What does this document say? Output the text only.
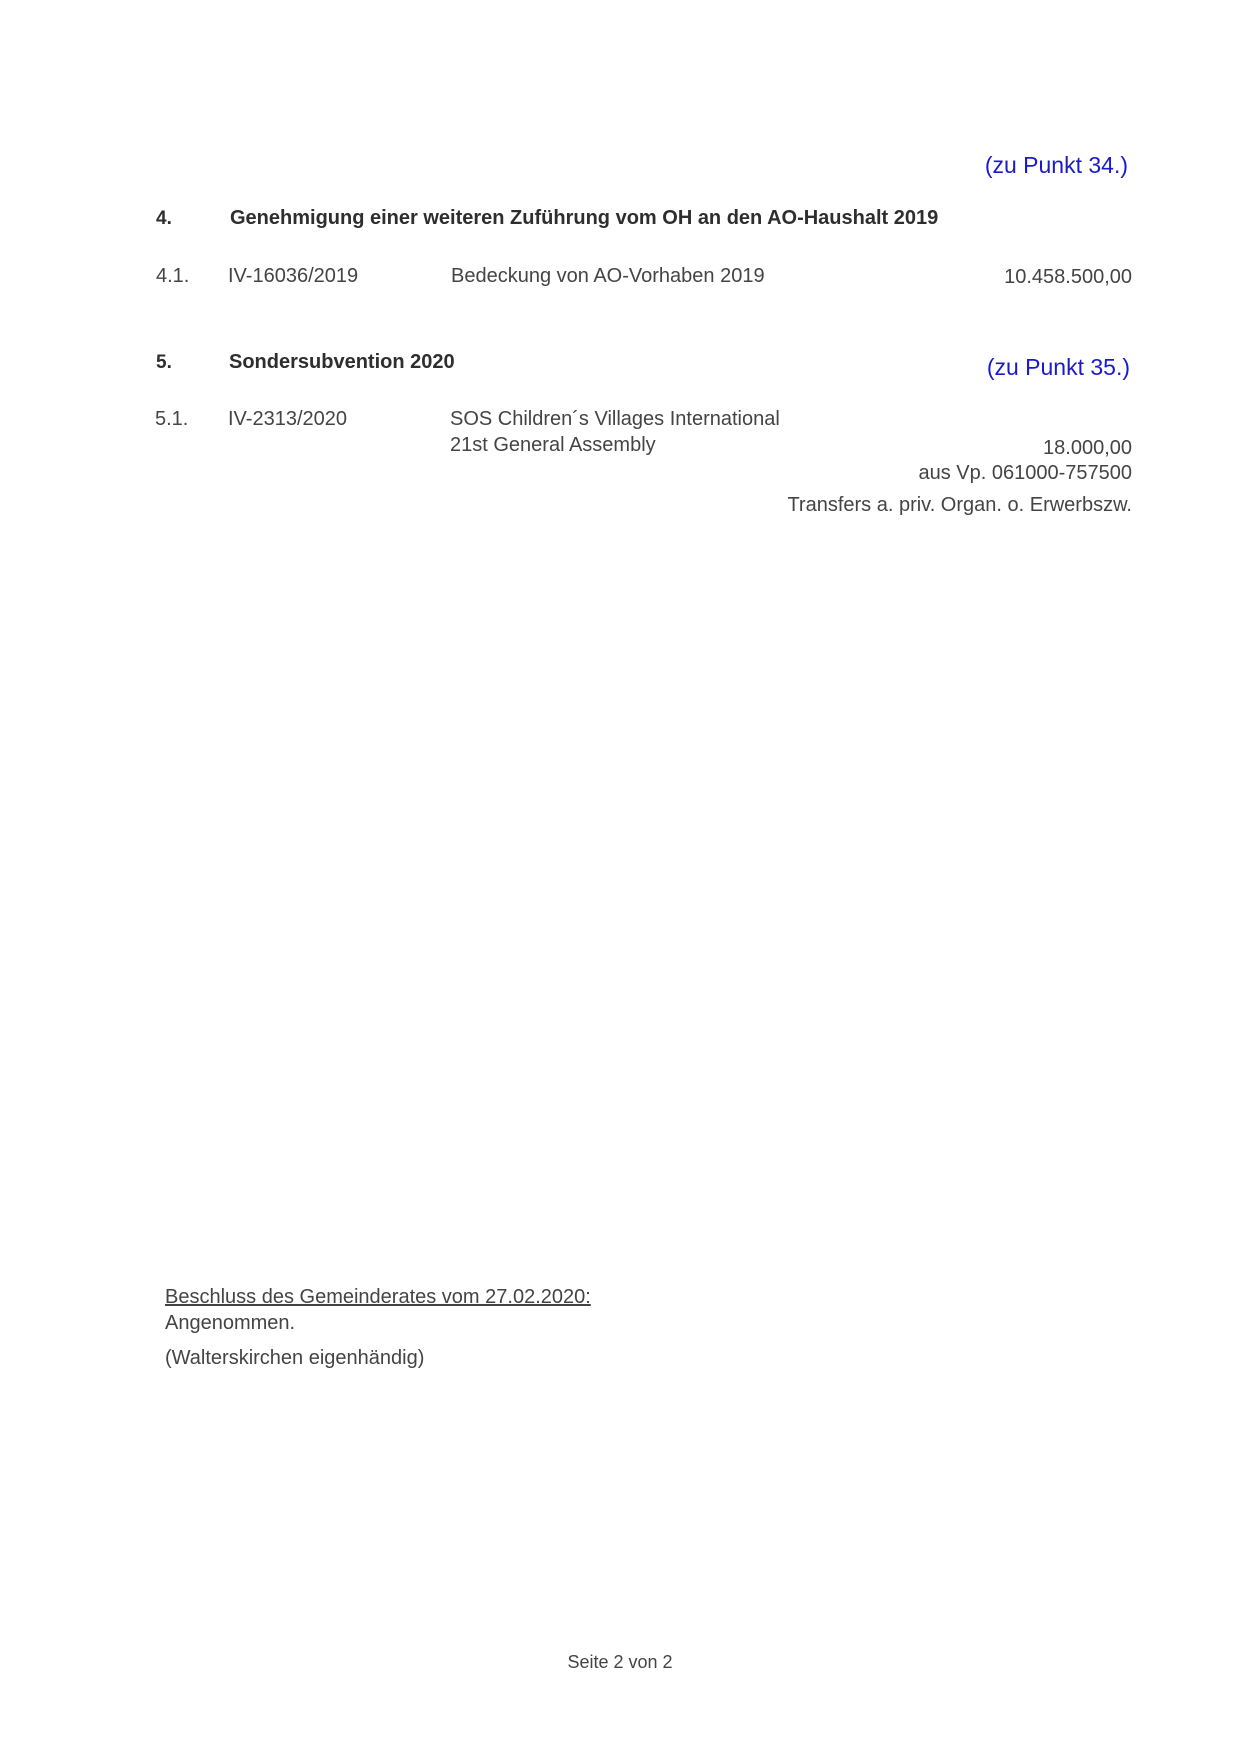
(zu Punkt 34.)
4.	Genehmigung einer weiteren Zuführung vom OH an den AO-Haushalt 2019
4.1. IV-16036/2019	Bedeckung von AO-Vorhaben 2019	10.458.500,00
5.	Sondersubvention 2020	(zu Punkt 35.)
5.1. IV-2313/2020	SOS Children´s Villages International
21st General Assembly	18.000,00
aus Vp. 061000-757500
Transfers a. priv. Organ. o. Erwerbszw.
Beschluss des Gemeinderates vom 27.02.2020:
Angenommen.
(Walterskirchen eigenhändig)
Seite 2 von 2
